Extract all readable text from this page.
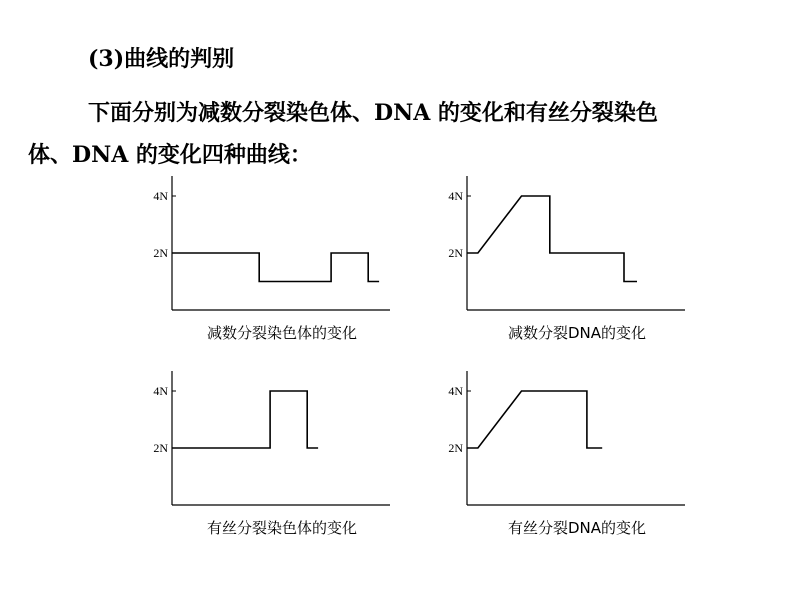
(3)曲线的判别
下面分别为减数分裂染色体、DNA 的变化和有丝分裂染色
体、DNA 的变化四种曲线：
4N
2N
减数分裂染色体的变化
4N
2N
减数分裂DNA的变化
4N
2N
有丝分裂染色体的变化
4N
2N
有丝分裂DNA的变化
